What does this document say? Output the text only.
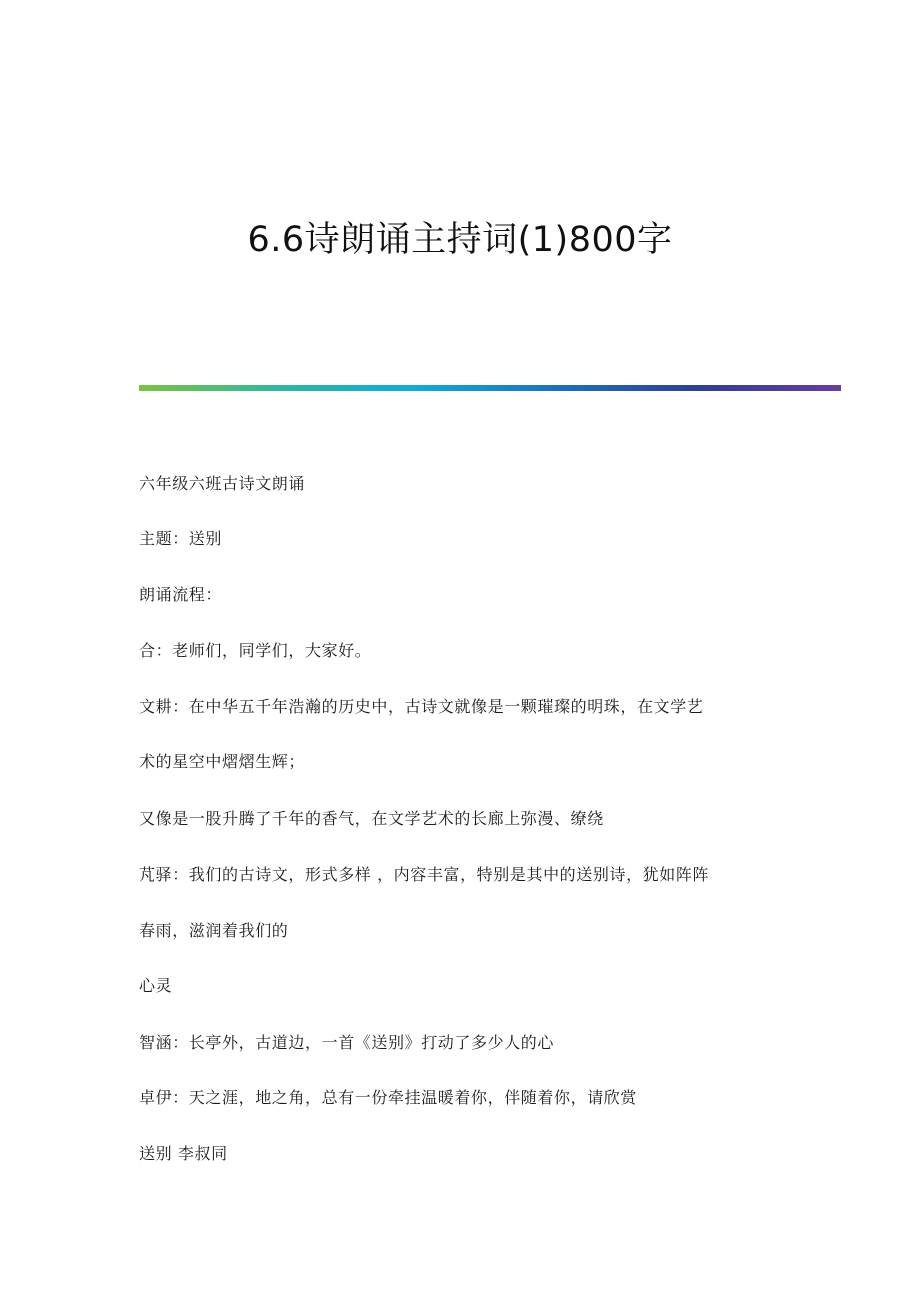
6.6诗朗诵主持词(1)800字

六年级六班古诗文朗诵

主题：送别

朗诵流程：

合：老师们，同学们，大家好。

文耕：在中华五千年浩瀚的历史中，古诗文就像是一颗璀璨的明珠，在文学艺

术的星空中熠熠生辉；

又像是一股升腾了千年的香气，在文学艺术的长廊上弥漫、缭绕

芃驿：我们的古诗文，形式多样 ，内容丰富，特别是其中的送别诗，犹如阵阵

春雨，滋润着我们的

心灵

智涵：长亭外，古道边，一首《送别》打动了多少人的心

卓伊：天之涯，地之角，总有一份牵挂温暖着你，伴随着你，请欣赏

送别 李叔同
